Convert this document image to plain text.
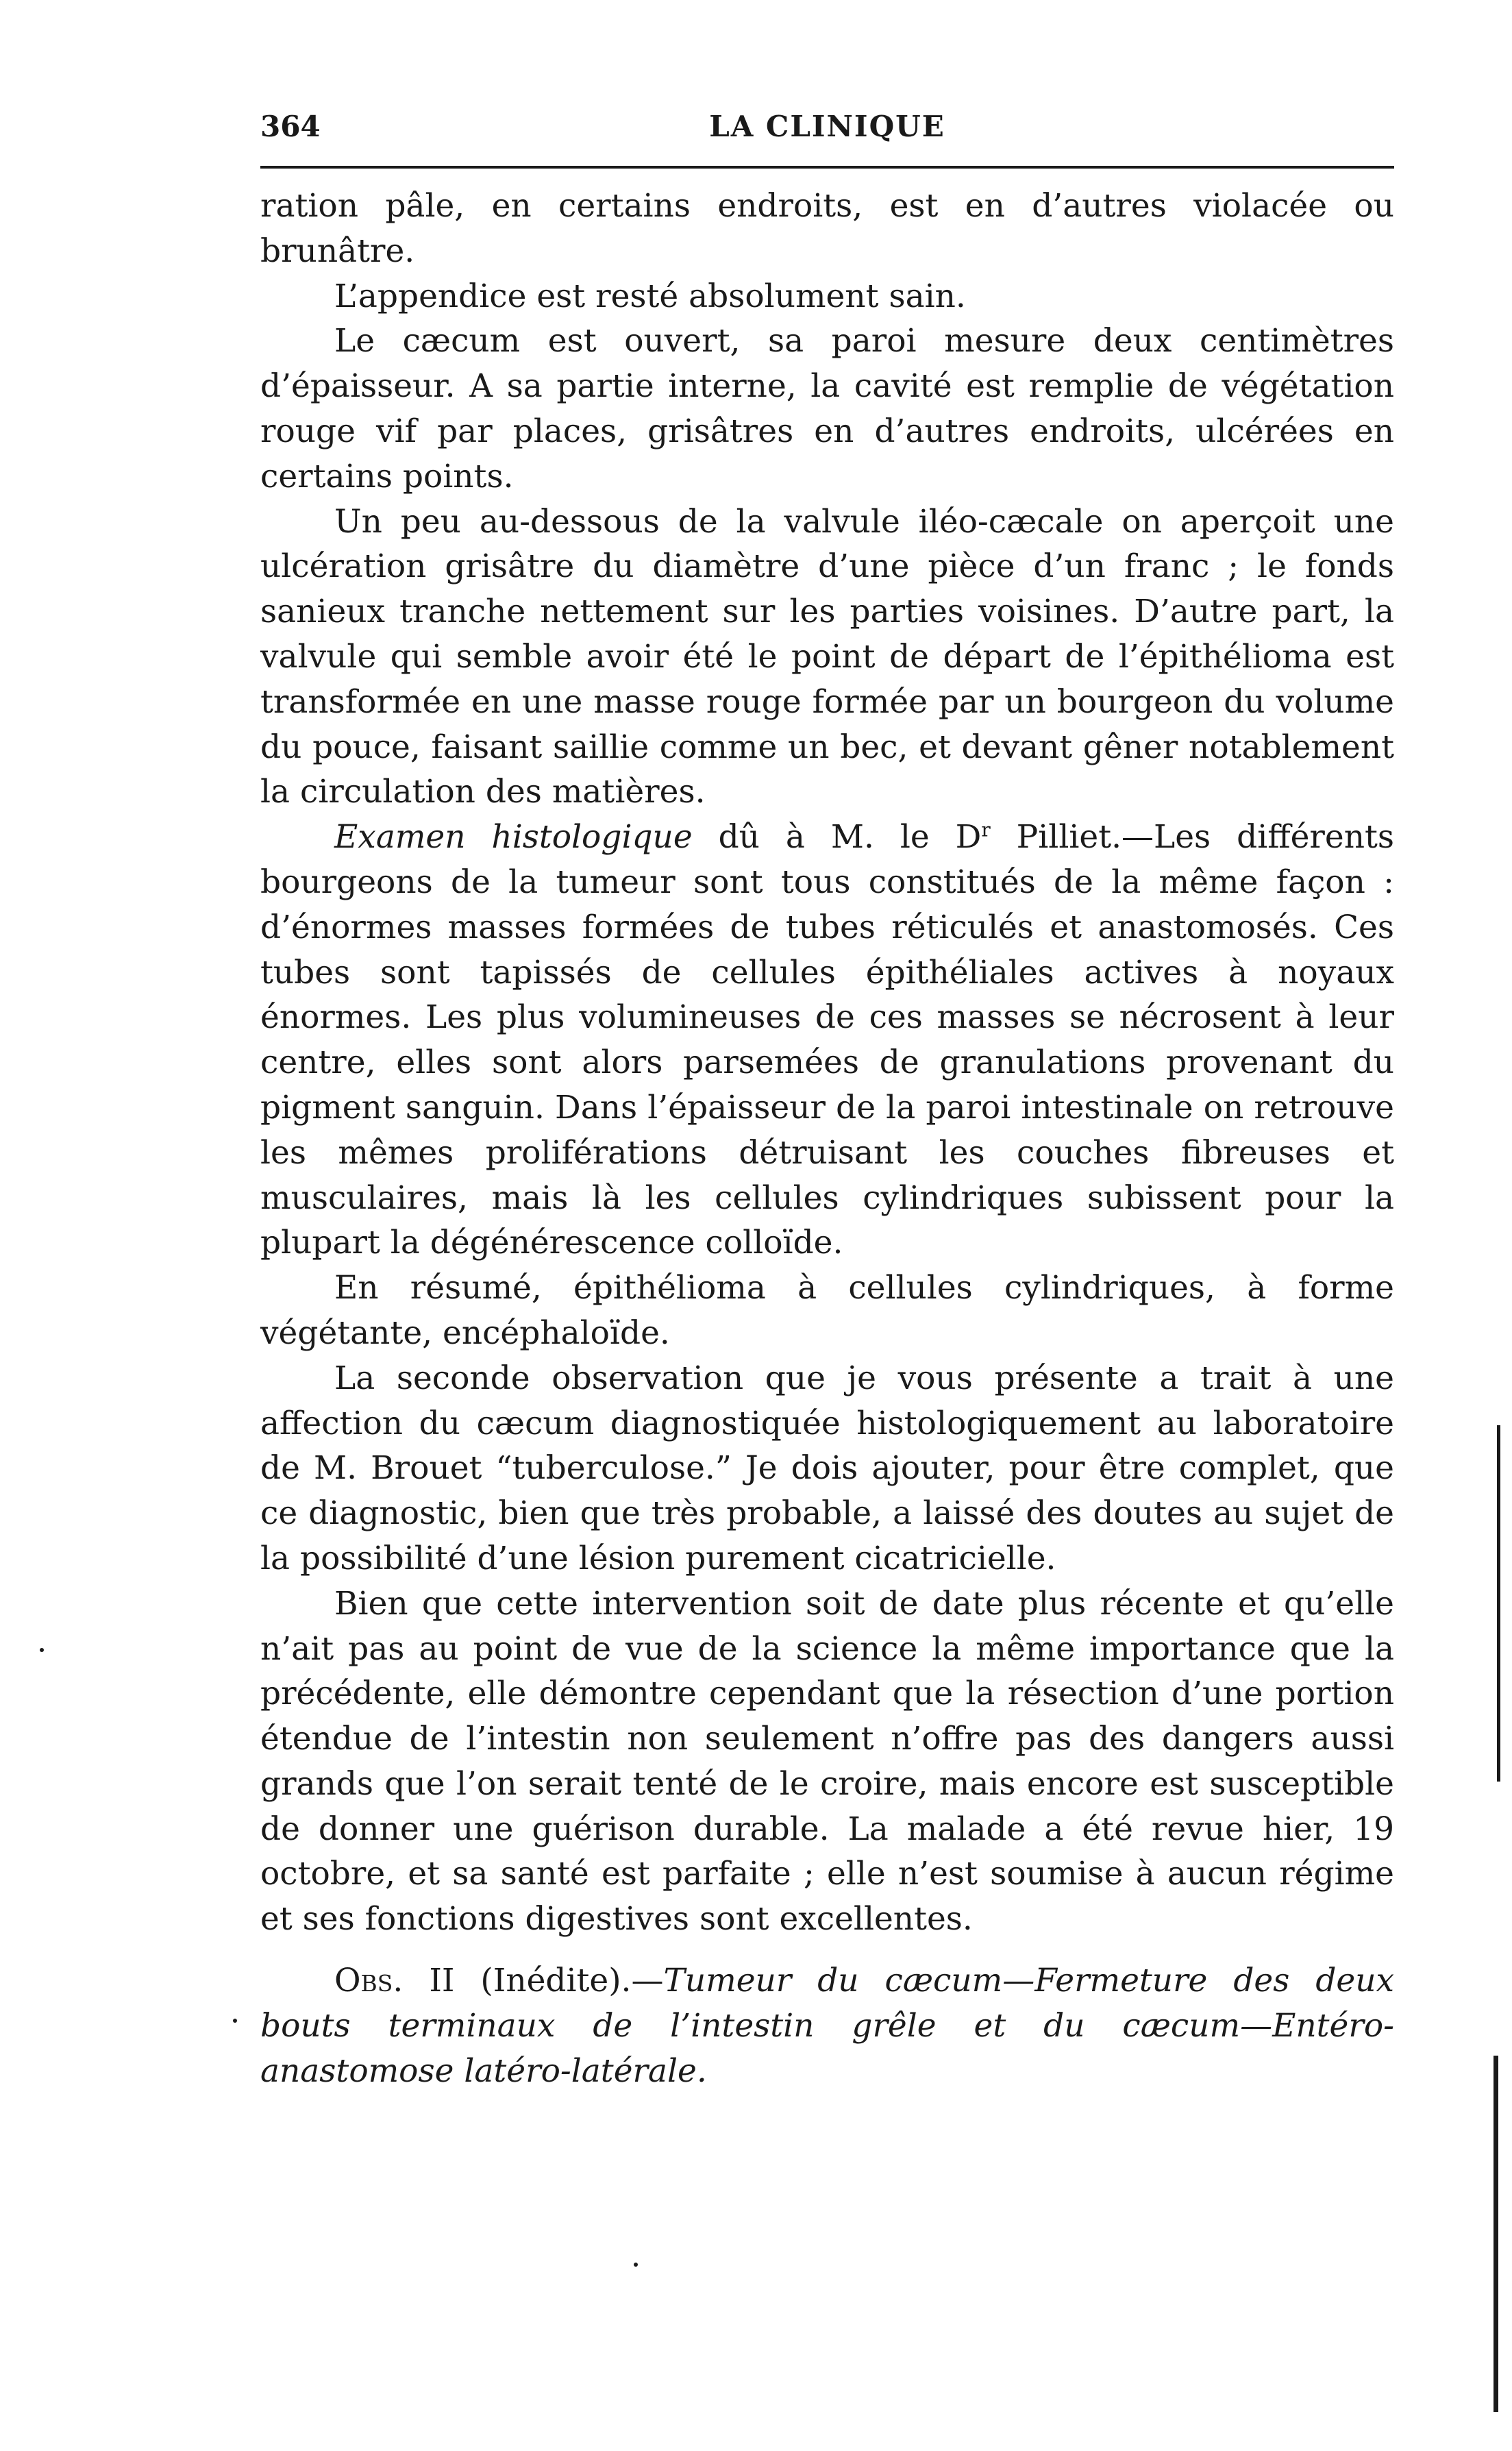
364	LA CLINIQUE

ration pâle, en certains endroits, est en d’autres violacée ou brunâtre.

L’appendice est resté absolument sain.

Le cæcum est ouvert, sa paroi mesure deux centimètres d’épaisseur. A sa partie interne, la cavité est remplie de végétation rouge vif par places, grisâtres en d’autres endroits, ulcérées en certains points.

Un peu au-dessous de la valvule iléo-cæcale on aperçoit une ulcération grisâtre du diamètre d’une pièce d’un franc ; le fonds sanieux tranche nettement sur les parties voisines. D’autre part, la valvule qui semble avoir été le point de départ de l’épithélioma est transformée en une masse rouge formée par un bourgeon du volume du pouce, faisant saillie comme un bec, et devant gêner notablement la circulation des matières.

Examen histologique dû à M. le $D^r$ Pilliet.—Les différents bourgeons de la tumeur sont tous constitués de la même façon : d’énormes masses formées de tubes réticulés et anastomosés. Ces tubes sont tapissés de cellules épithéliales actives à noyaux énormes. Les plus volumineuses de ces masses se nécrosent à leur centre, elles sont alors parsemées de granulations provenant du pigment sanguin. Dans l’épaisseur de la paroi intestinale on retrouve les mêmes proliférations détruisant les couches fibreuses et musculaires, mais là les cellules cylindriques subissent pour la plupart la dégénérescence colloïde.

En résumé, épithélioma à cellules cylindriques, à forme végétante, encéphaloïde.

La seconde observation que je vous présente a trait à une affection du cæcum diagnostiquée histologiquement au laboratoire de M. Brouet “tuberculose.” Je dois ajouter, pour être complet, que ce diagnostic, bien que très probable, a laissé des doutes au sujet de la possibilité d’une lésion purement cicatricielle.

Bien que cette intervention soit de date plus récente et qu’elle n’ait pas au point de vue de la science la même importance que la précédente, elle démontre cependant que la résection d’une portion étendue de l’intestin non seulement n’offre pas des dangers aussi grands que l’on serait tenté de le croire, mais encore est susceptible de donner une guérison durable. La malade a été revue hier, 19 octobre, et sa santé est parfaite ; elle n’est soumise à aucun régime et ses fonctions digestives sont excellentes.

Obs. II (Inédite).—Tumeur du cæcum—Fermeture des deux bouts terminaux de l’intestin grêle et du cæcum—Entéro-anastomose latéro-latérale.
